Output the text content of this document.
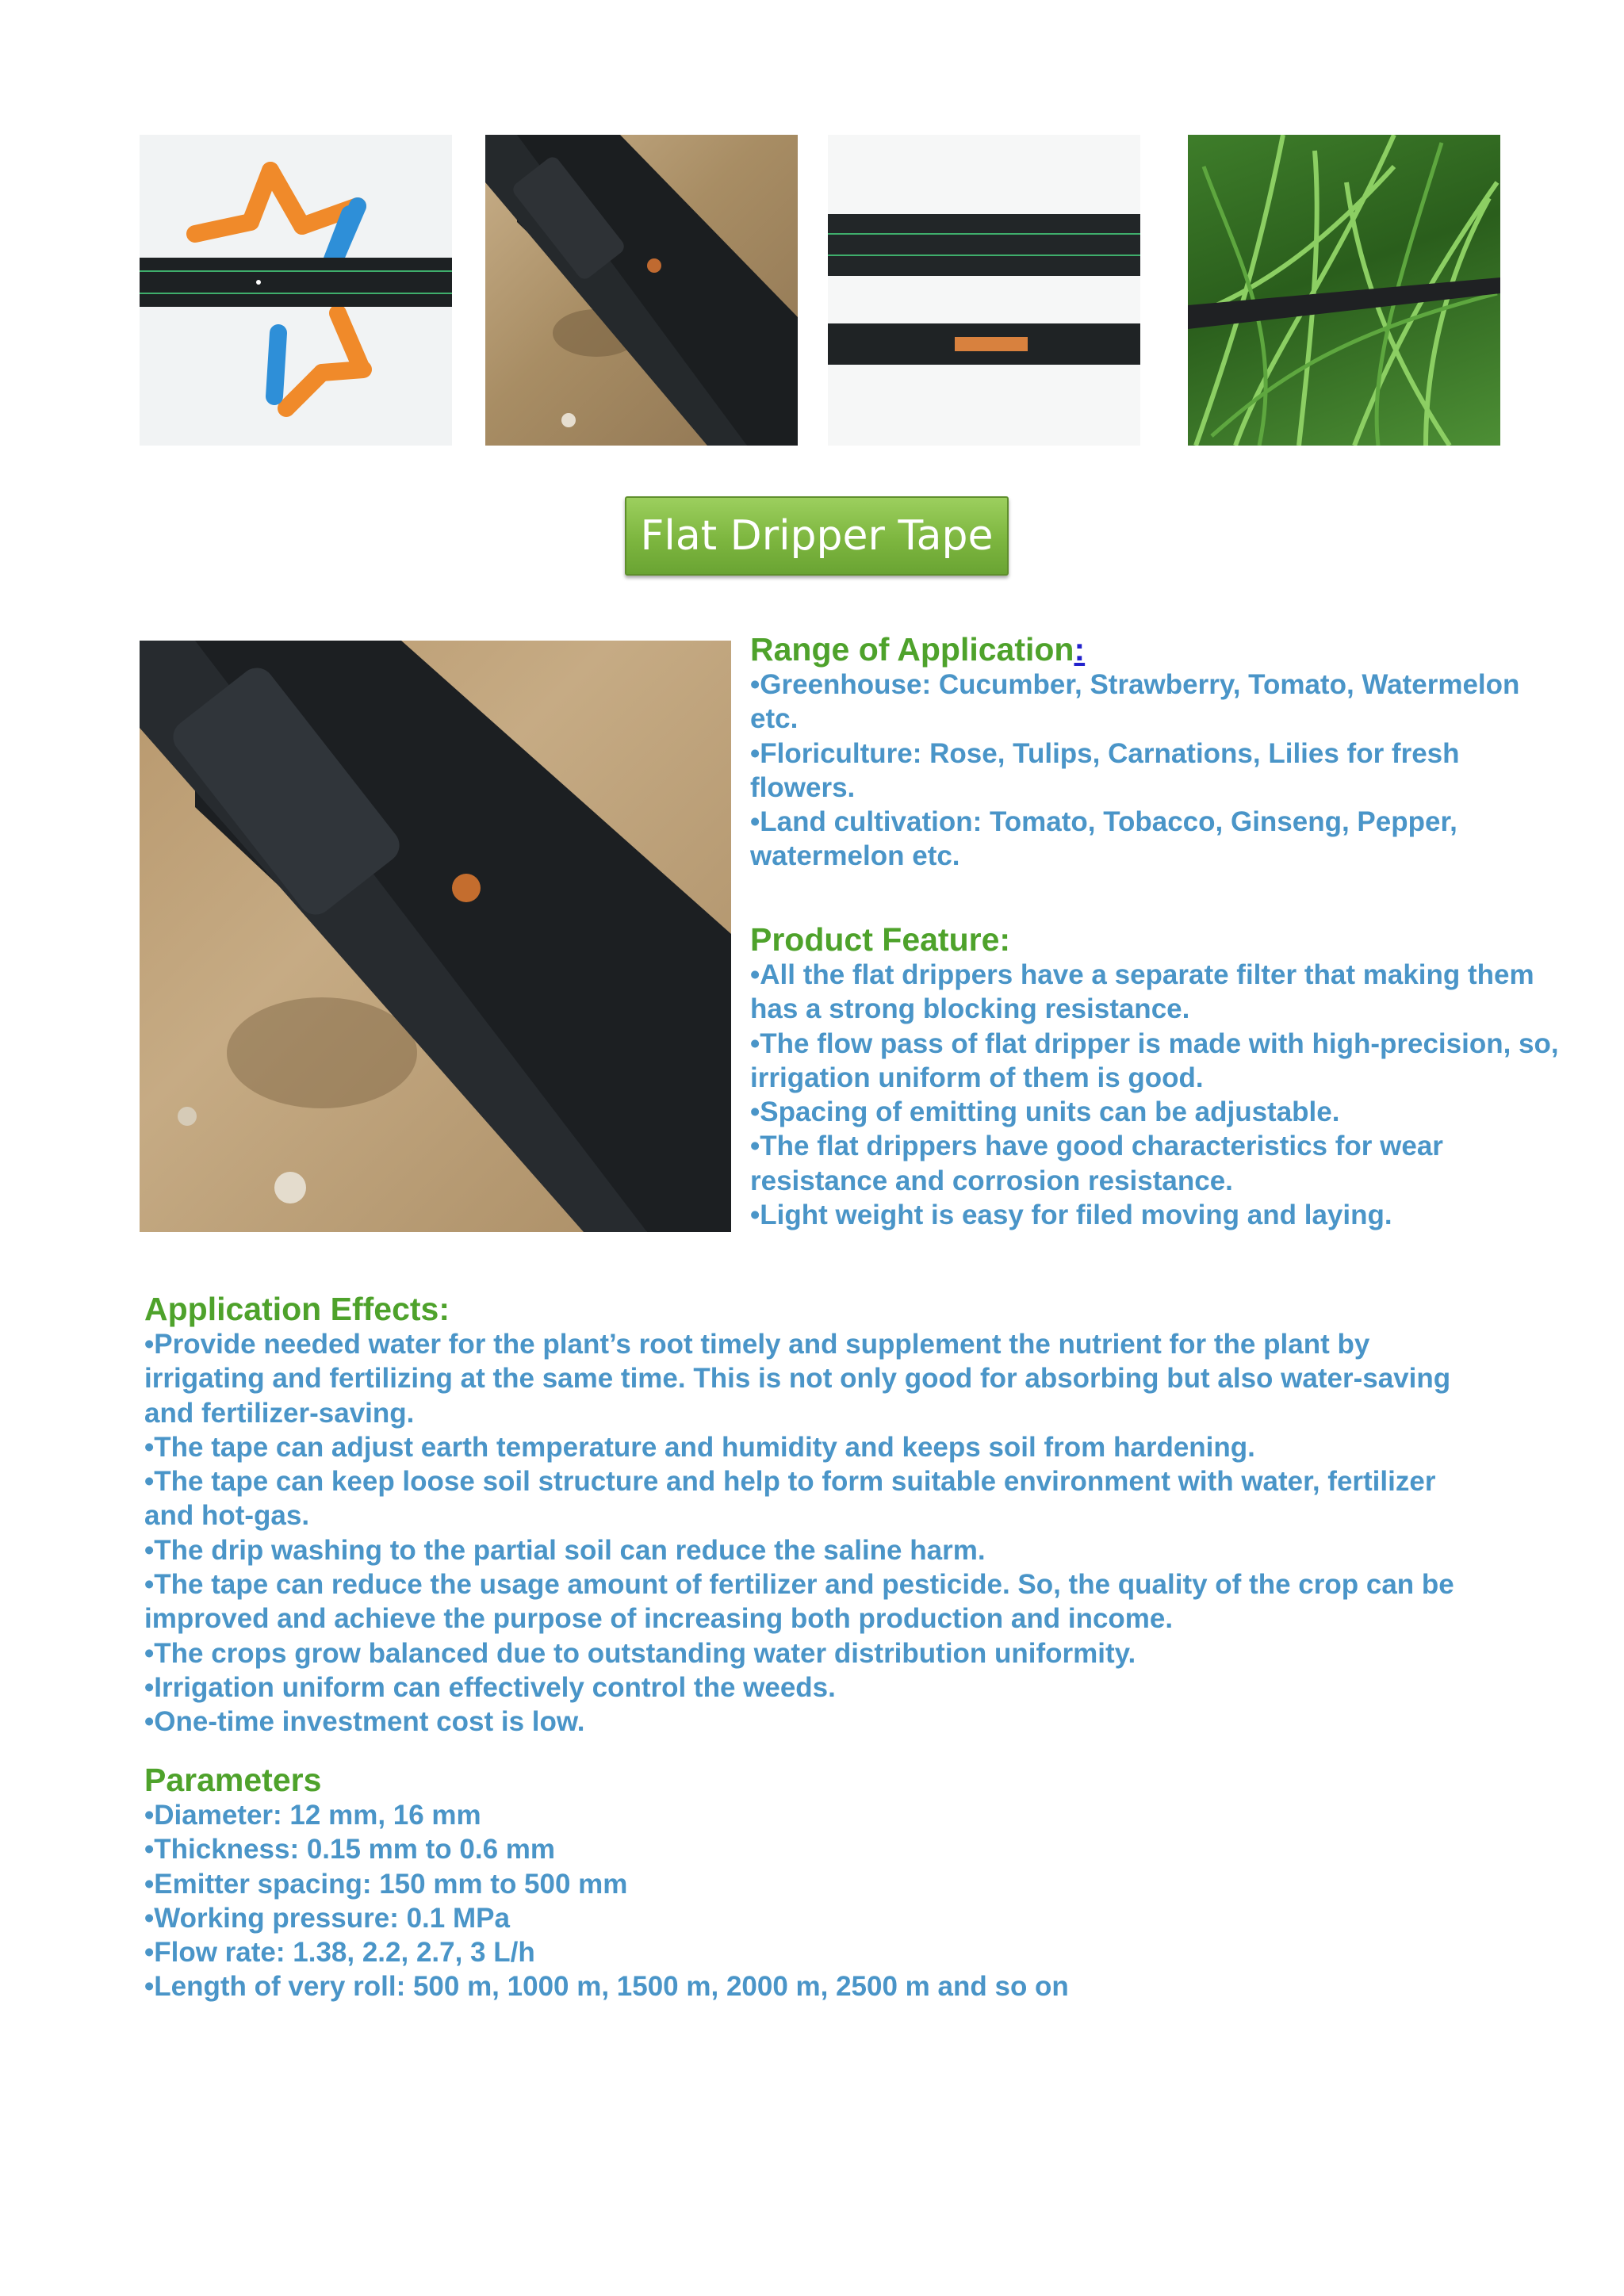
Flat Dripper Tape
Range of Application:

•Greenhouse: Cucumber, Strawberry, Tomato, Watermelon etc.

•Floriculture: Rose, Tulips, Carnations, Lilies for fresh flowers.

•Land cultivation: Tomato, Tobacco, Ginseng, Pepper, watermelon etc.

Product Feature:

•All the flat drippers have a separate filter that making them has a strong blocking resistance.

•The flow pass of flat dripper is made with high-precision, so, irrigation uniform of them is good.

•Spacing of emitting units can be adjustable.

•The flat drippers have good characteristics for wear resistance and corrosion resistance.

•Light weight is easy for filed moving and laying.

Application Effects:

•Provide needed water for the plant’s root timely and supplement the nutrient for the plant by irrigating and fertilizing at the same time. This is not only good for absorbing but also water-saving and fertilizer-saving.

•The tape can adjust earth temperature and humidity and keeps soil from hardening.

•The tape can keep loose soil structure and help to form suitable environment with water, fertilizer and hot-gas.

•The drip washing to the partial soil can reduce the saline harm.

•The tape can reduce the usage amount of fertilizer and pesticide. So, the quality of the crop can be improved and achieve the purpose of increasing both production and income.

•The crops grow balanced due to outstanding water distribution uniformity.

•Irrigation uniform can effectively control the weeds.

•One-time investment cost is low.

Parameters

•Diameter: 12 mm, 16 mm

•Thickness: 0.15 mm to 0.6 mm

•Emitter spacing: 150 mm to 500 mm

•Working pressure: 0.1 MPa

•Flow rate: 1.38, 2.2, 2.7, 3 L/h

•Length of very roll: 500 m, 1000 m, 1500 m, 2000 m, 2500 m and so on
